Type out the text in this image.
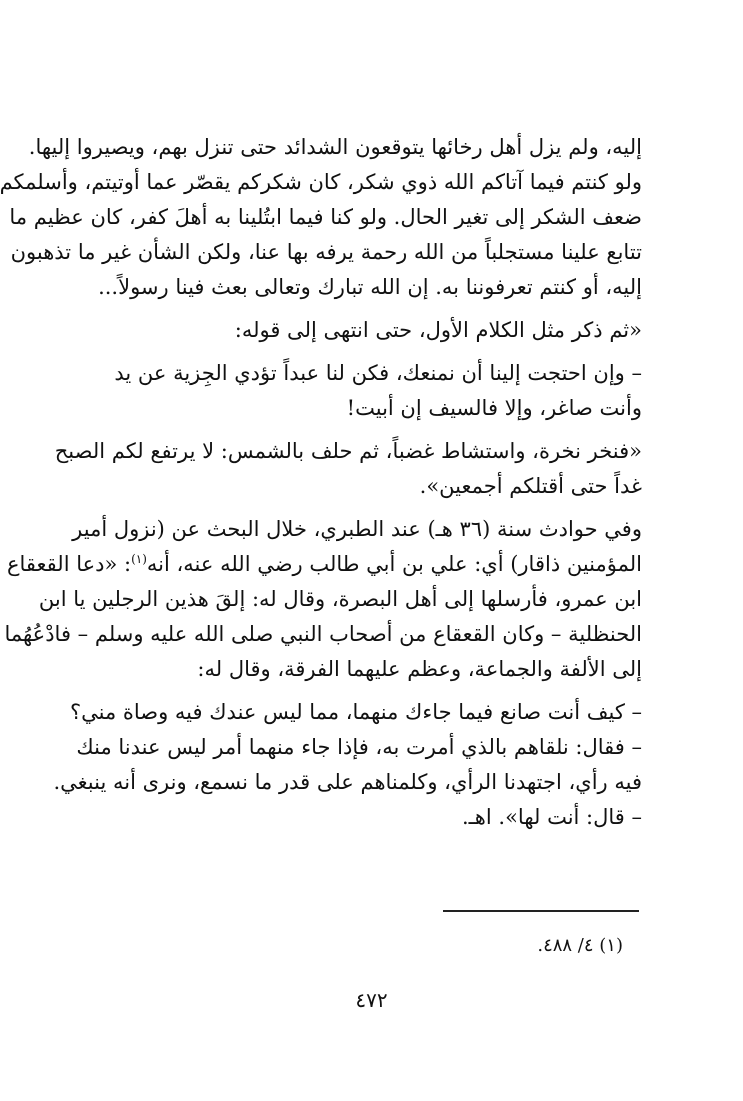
إليه، ولم يزل أهل رخائها يتوقعون الشدائد حتى تنزل بهم، ويصيروا إليها.
ولو كنتم فيما آتاكم الله ذوي شكر، كان شكركم يقصّر عما أوتيتم، وأسلمكم
ضعف الشكر إلى تغير الحال. ولو كنا فيما ابتُلينا به أهلَ كفر، كان عظيم ما
تتابع علينا مستجلباً من الله رحمة يرفه بها عنا، ولكن الشأن غير ما تذهبون
إليه، أو كنتم تعرفوننا به. إن الله تبارك وتعالى بعث فينا رسولاً...

«ثم ذكر مثل الكلام الأول، حتى انتهى إلى قوله:

– وإن احتجت إلينا أن نمنعك، فكن لنا عبداً تؤدي الجِزية عن يد
وأنت صاغر، وإلا فالسيف إن أبيت!

«فنخر نخرة، واستشاط غضباً، ثم حلف بالشمس: لا يرتفع لكم الصبح
غداً حتى أقتلكم أجمعين».

وفي حوادث سنة (٣٦ هـ) عند الطبري، خلال البحث عن (نزول أمير
المؤمنين ذاقار) أي: علي بن أبي طالب رضي الله عنه، أنه$^{(١)}$: «دعا القعقاع
ابن عمرو، فأرسلها إلى أهل البصرة، وقال له: إلقَ هذين الرجلين يا ابن
الحنظلية – وكان القعقاع من أصحاب النبي صلى الله عليه وسلم – فادْعُهُما
إلى الألفة والجماعة، وعظم عليهما الفرقة، وقال له:

– كيف أنت صانع فيما جاءك منهما، مما ليس عندك فيه وصاة مني؟
– فقال: نلقاهم بالذي أمرت به، فإذا جاء منهما أمر ليس عندنا منك
فيه رأي، اجتهدنا الرأي، وكلمناهم على قدر ما نسمع، ونرى أنه ينبغي.
– قال: أنت لها». اهـ.

(١) ٤/ ٤٨٨.
٤٧٢
